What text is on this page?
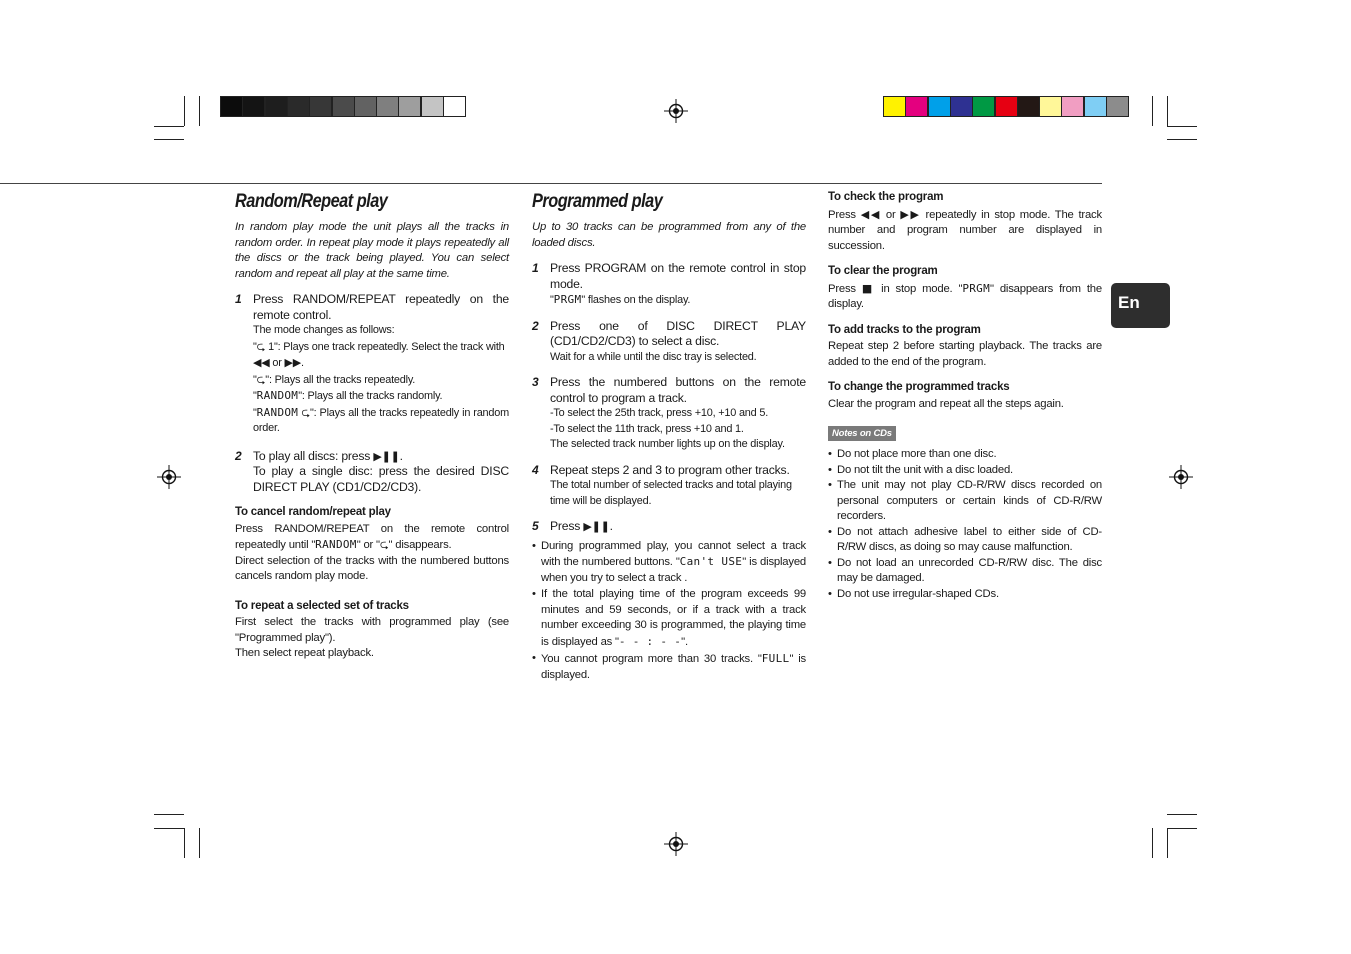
En
Random/Repeat play
In random play mode the unit plays all the tracks in random order. In repeat play mode it plays repeatedly all the discs or the track being played. You can select random and repeat all play at the same time.
1 Press RANDOM/REPEAT repeatedly on the remote control.
The mode changes as follows:
"⮎ 1": Plays one track repeatedly. Select the track with ◀◀ or ▶▶.
"⮎": Plays all the tracks repeatedly.
"RANDOM": Plays all the tracks randomly.
"RANDOM ⮎": Plays all the tracks repeatedly in random order.
2 To play all discs: press ▶❚❚.
To play a single disc: press the desired DISC DIRECT PLAY (CD1/CD2/CD3).
To cancel random/repeat play

Press RANDOM/REPEAT on the remote control repeatedly until "RANDOM" or "⮎" disappears.

Direct selection of the tracks with the numbered buttons cancels random play mode.

To repeat a selected set of tracks

First select the tracks with programmed play (see "Programmed play").

Then select repeat playback.

Programmed play
Up to 30 tracks can be programmed from any of the loaded discs.
1 Press PROGRAM on the remote control in stop mode.
"PRGM" flashes on the display.
2 Press one of DISC DIRECT PLAY (CD1/CD2/CD3) to select a disc.
Wait for a while until the disc tray is selected.
3 Press the numbered buttons on the remote control to program a track.
-To select the 25th track, press +10, +10 and 5.
-To select the 11th track, press +10 and 1.
The selected track number lights up on the display.
4 Repeat steps 2 and 3 to program other tracks.
The total number of selected tracks and total playing time will be displayed.
5 Press ▶❚❚.
• During programmed play, you cannot select a track with the numbered buttons. "Can't USE" is displayed when you try to select a track .
• If the total playing time of the program exceeds 99 minutes and 59 seconds, or if a track with a track number exceeding 30 is programmed, the playing time is displayed as "- - : - -".
• You cannot program more than 30 tracks. "FULL" is displayed.
To check the program

Press ◀◀ or ▶▶ repeatedly in stop mode. The track number and program number are displayed in succession.

To clear the program

Press ■ in stop mode. "PRGM" disappears from the display.

To add tracks to the program

Repeat step 2 before starting playback. The tracks are added to the end of the program.

To change the programmed tracks

Clear the program and repeat all the steps again.

Notes on CDs
• Do not place more than one disc.
• Do not tilt the unit with a disc loaded.
• The unit may not play CD-R/RW discs recorded on personal computers or certain kinds of CD-R/RW recorders.
• Do not attach adhesive label to either side of CD-R/RW discs, as doing so may cause malfunction.
• Do not load an unrecorded CD-R/RW disc. The disc may be damaged.
• Do not use irregular-shaped CDs.
